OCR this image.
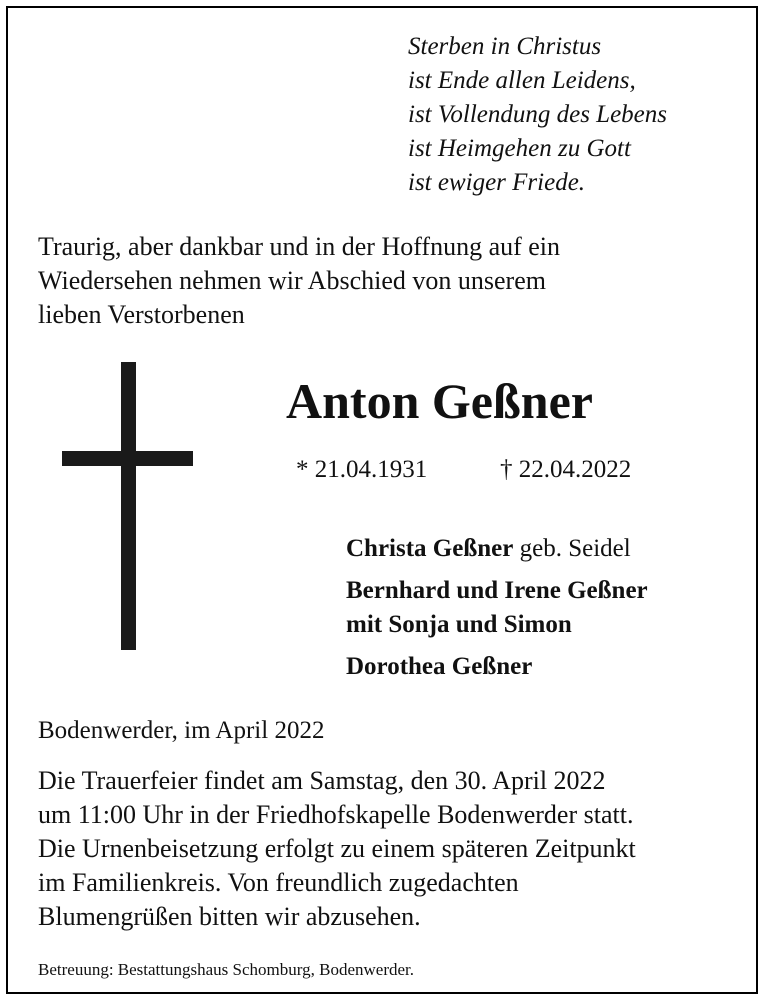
Sterben in Christus
ist Ende allen Leidens,
ist Vollendung des Lebens
ist Heimgehen zu Gott
ist ewiger Friede.
Traurig, aber dankbar und in der Hoffnung auf ein
Wiedersehen nehmen wir Abschied von unserem
lieben Verstorbenen
Anton Geßner
* 21.04.1931	† 22.04.2022
Christa Geßner geb. Seidel
Bernhard und Irene Geßner
mit Sonja und Simon
Dorothea Geßner
Bodenwerder, im April 2022
Die Trauerfeier findet am Samstag, den 30. April 2022
um 11:00 Uhr in der Friedhofskapelle Bodenwerder statt.
Die Urnenbeisetzung erfolgt zu einem späteren Zeitpunkt
im Familienkreis. Von freundlich zugedachten
Blumengrüßen bitten wir abzusehen.
Betreuung: Bestattungshaus Schomburg, Bodenwerder.
